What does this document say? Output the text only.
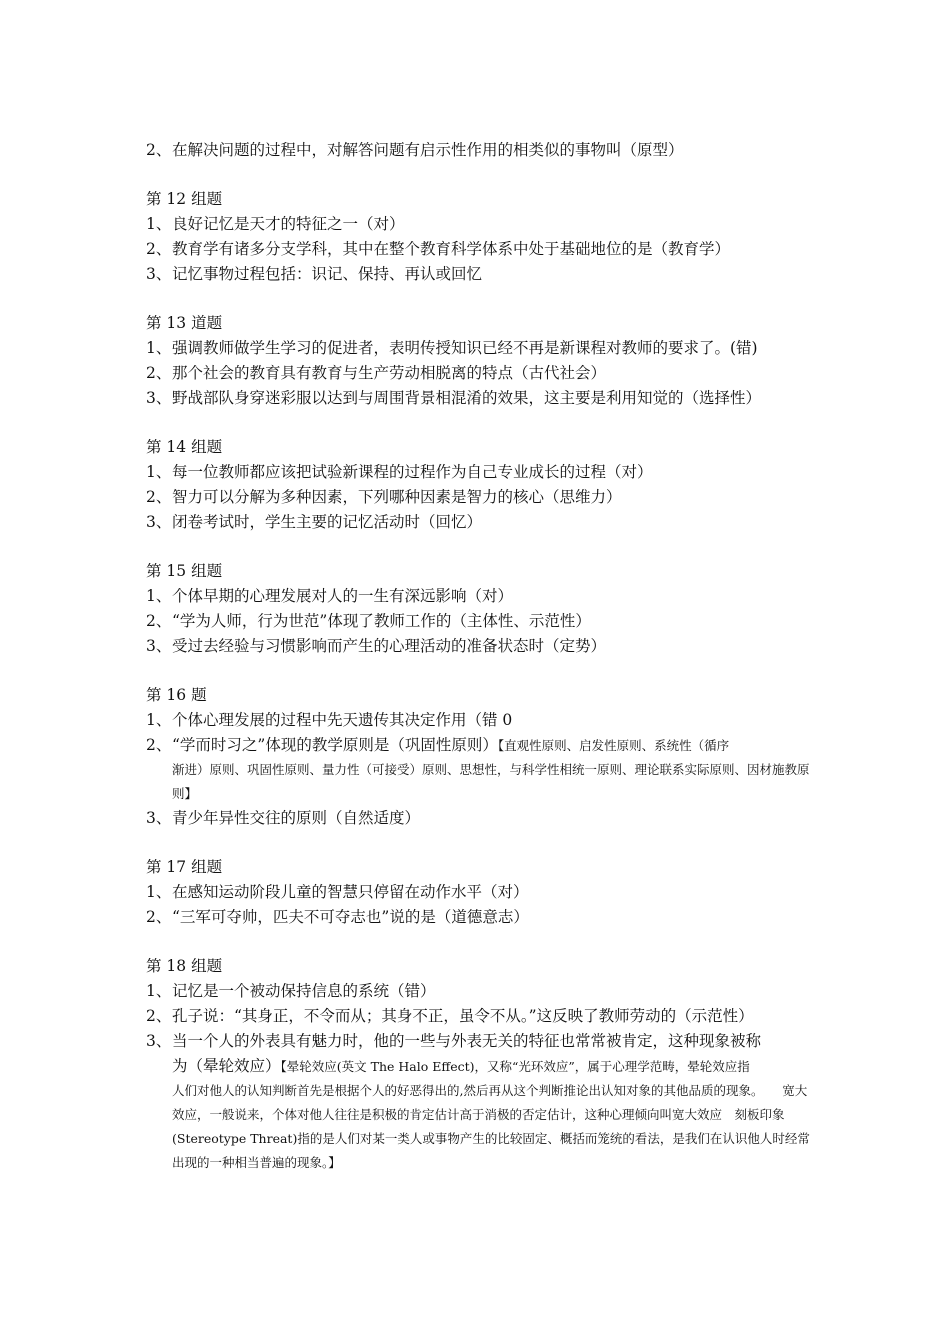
2、在解决问题的过程中，对解答问题有启示性作用的相类似的事物叫（原型）
第 12 组题
1、良好记忆是天才的特征之一（对）
2、教育学有诸多分支学科，其中在整个教育科学体系中处于基础地位的是（教育学）
3、记忆事物过程包括：识记、保持、再认或回忆
第 13 道题
1、强调教师做学生学习的促进者，表明传授知识已经不再是新课程对教师的要求了。(错)
2、那个社会的教育具有教育与生产劳动相脱离的特点（古代社会）
3、野战部队身穿迷彩服以达到与周围背景相混淆的效果，这主要是利用知觉的（选择性）
第 14 组题
1、每一位教师都应该把试验新课程的过程作为自己专业成长的过程（对）
2、智力可以分解为多种因素，下列哪种因素是智力的核心（思维力）
3、闭卷考试时，学生主要的记忆活动时（回忆）
第 15 组题
1、个体早期的心理发展对人的一生有深远影响（对）
2、“学为人师，行为世范”体现了教师工作的（主体性、示范性）
3、受过去经验与习惯影响而产生的心理活动的准备状态时（定势）
第 16 题
1、个体心理发展的过程中先天遗传其决定作用（错 0
2、“学而时习之”体现的教学原则是（巩固性原则）【直观性原则、启发性原则、系统性（循序
渐进）原则、巩固性原则、量力性（可接受）原则、思想性，与科学性相统一原则、理论联系实际原则、因材施教原则】
3、青少年异性交往的原则（自然适度）
第 17 组题
1、在感知运动阶段儿童的智慧只停留在动作水平（对）
2、“三军可夺帅，匹夫不可夺志也”说的是（道德意志）
第 18 组题
1、记忆是一个被动保持信息的系统（错）
2、孔子说：“其身正，不令而从；其身不正，虽令不从。”这反映了教师劳动的（示范性）
3、当一个人的外表具有魅力时，他的一些与外表无关的特征也常常被肯定，这种现象被称
为（晕轮效应）【晕轮效应(英文 The Halo Effect)，又称“光环效应”，属于心理学范畴，晕轮效应指
人们对他人的认知判断首先是根据个人的好恶得出的,然后再从这个判断推论出认知对象的其他品质的现象。　　宽大效应，一般说来，个体对他人往往是积极的肯定估计高于消极的否定估计，这种心理倾向叫宽大效应　刻板印象 (Stereotype Threat)指的是人们对某一类人或事物产生的比较固定、概括而笼统的看法，是我们在认识他人时经常出现的一种相当普遍的现象。】
